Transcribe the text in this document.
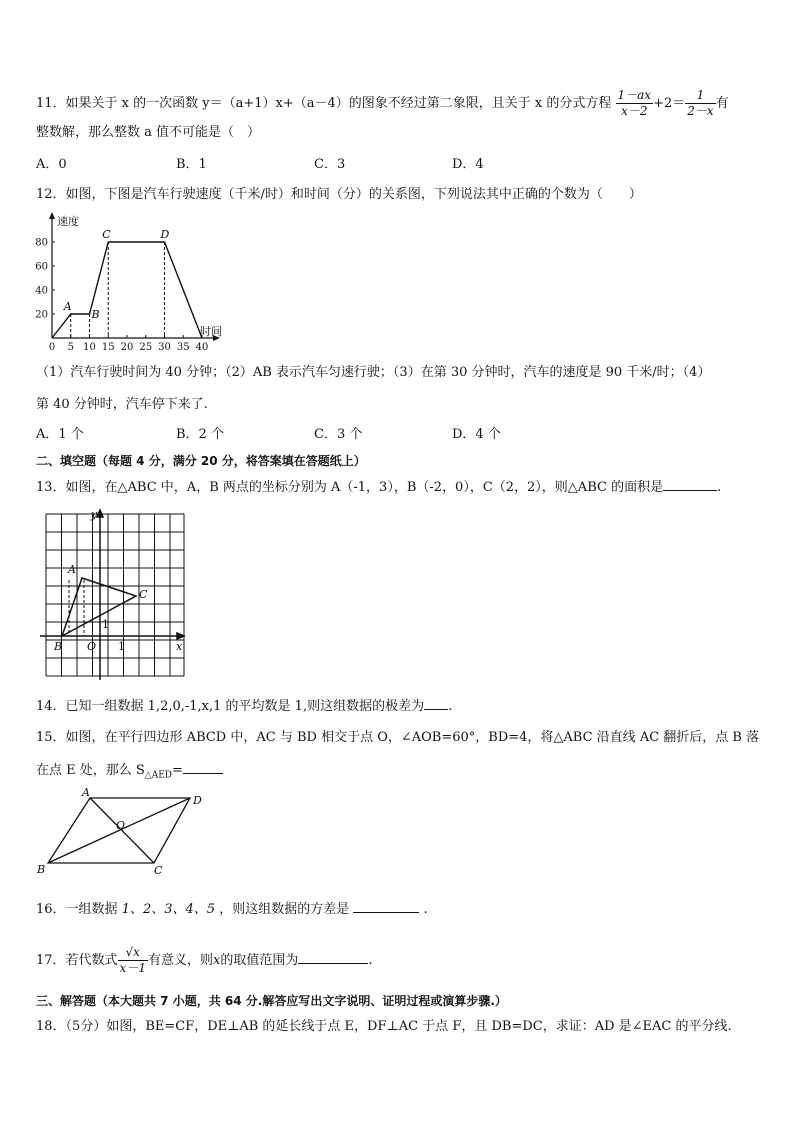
11．如果关于 x 的一次函数 y＝（a+1）x+（a－4）的图象不经过第二象限，且关于 x 的分式方程 $\frac{1-ax}{x-2} +2= \frac{1}{2-x}$ 有
整数解，那么整数 a 值不可能是（　）
A．0	B．1	C．3	D．4
12．如图，下图是汽车行驶速度（千米/时）和时间（分）的关系图，下列说法其中正确的个数为（　　）
速度
时间
0 5 10 15 20 25 30 35 40
20
40
60
80
A
B
C	D
（1）汽车行驶时间为 40 分钟；（2）AB 表示汽车匀速行驶；（3）在第 30 分钟时，汽车的速度是 90 千米/时；（4）
第 40 分钟时，汽车停下来了.
A．1 个	B．2 个	C．3 个	D．4 个
二、填空题（每题 4 分，满分 20 分，将答案填在答题纸上）
13．如图，在△ABC 中，A，B 两点的坐标分别为 A（-1，3），B（-2，0），C（2，2），则△ABC 的面积是	.
A
B
C
O	x
y
1
1
14．已知一组数据 1,2,0,-1,x,1 的平均数是 1,则这组数据的极差为 .
15．如图，在平行四边形 ABCD 中，AC 与 BD 相交于点 O，∠AOB=60°，BD=4，将△ABC 沿直线 AC 翻折后，点 B 落
在点 E 处，那么 $S_{\triangle AED}=$
A
D
O
B	C
16．一组数据 1、2、3、4、5 ，则这组数据的方差是	.
17．若代数式 $\frac{√x}{x-1}$ 有意义，则x的取值范围为	.
三、解答题（本大题共 7 小题，共 64 分.解答应写出文字说明、证明过程或演算步骤.）
18．（5分）如图，BE=CF，DE⊥AB 的延长线于点 E，DF⊥AC 于点 F，且 DB=DC，求证：AD 是∠EAC 的平分线.
